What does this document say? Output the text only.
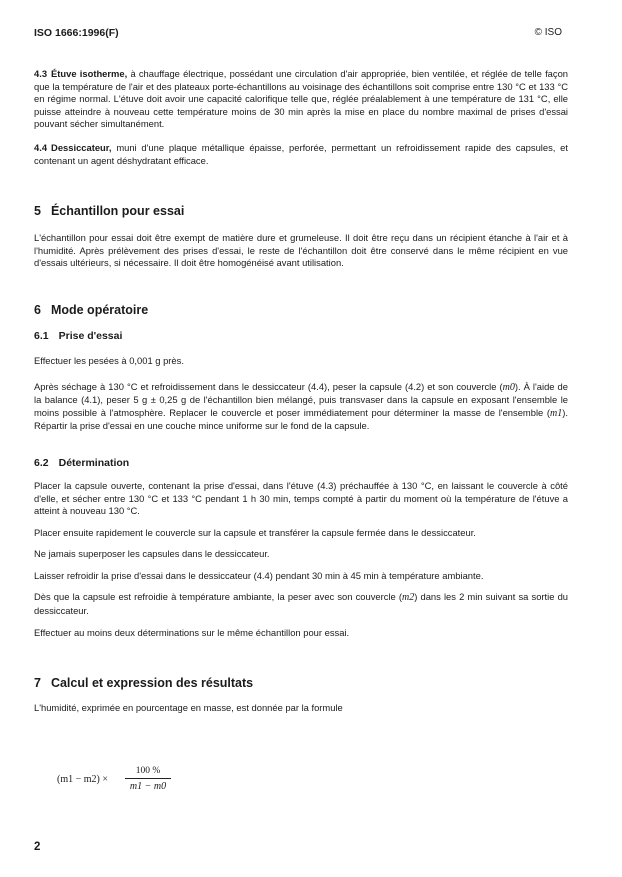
ISO 1666:1996(F)	© ISO

4.3 Étuve isotherme, à chauffage électrique, possédant une circulation d'air appropriée, bien ventilée, et réglée de telle façon que la température de l'air et des plateaux porte-échantillons au voisinage des échantillons soit comprise entre 130 °C et 133 °C en régime normal. L'étuve doit avoir une capacité calorifique telle que, réglée préalablement à une température de 131 °C, elle puisse atteindre à nouveau cette température moins de 30 min après la mise en place du nombre maximal de prises d'essai pouvant sécher simultanément.

4.4 Dessiccateur, muni d'une plaque métallique épaisse, perforée, permettant un refroidissement rapide des capsules, et contenant un agent déshydratant efficace.

5 Échantillon pour essai

L'échantillon pour essai doit être exempt de matière dure et grumeleuse. Il doit être reçu dans un récipient étanche à l'air et à l'humidité. Après prélèvement des prises d'essai, le reste de l'échantillon doit être conservé dans le même récipient en vue d'essais ultérieurs, si nécessaire. Il doit être homogénéisé avant utilisation.

6 Mode opératoire
6.1 Prise d'essai

Effectuer les pesées à 0,001 g près.

Après séchage à 130 °C et refroidissement dans le dessiccateur (4.4), peser la capsule (4.2) et son couvercle (m0). À l'aide de la balance (4.1), peser 5 g ± 0,25 g de l'échantillon bien mélangé, puis transvaser dans la capsule en exposant l'ensemble le moins possible à l'atmosphère. Replacer le couvercle et poser immédiatement pour déterminer la masse de l'ensemble (m1). Répartir la prise d'essai en une couche mince uniforme sur le fond de la capsule.

6.2 Détermination

Placer la capsule ouverte, contenant la prise d'essai, dans l'étuve (4.3) préchauffée à 130 °C, en laissant le couvercle à côté d'elle, et sécher entre 130 °C et 133 °C pendant 1 h 30 min, temps compté à partir du moment où la température de l'étuve a atteint à nouveau 130 °C.

Placer ensuite rapidement le couvercle sur la capsule et transférer la capsule fermée dans le dessiccateur.

Ne jamais superposer les capsules dans le dessiccateur.

Laisser refroidir la prise d'essai dans le dessiccateur (4.4) pendant 30 min à 45 min à température ambiante.

Dès que la capsule est refroidie à température ambiante, la peser avec son couvercle (m2) dans les 2 min suivant sa sortie du dessiccateur.

Effectuer au moins deux déterminations sur le même échantillon pour essai.

7 Calcul et expression des résultats

L'humidité, exprimée en pourcentage en masse, est donnée par la formule

(m1 − m2) ×
100 %
m1 − m0
2
